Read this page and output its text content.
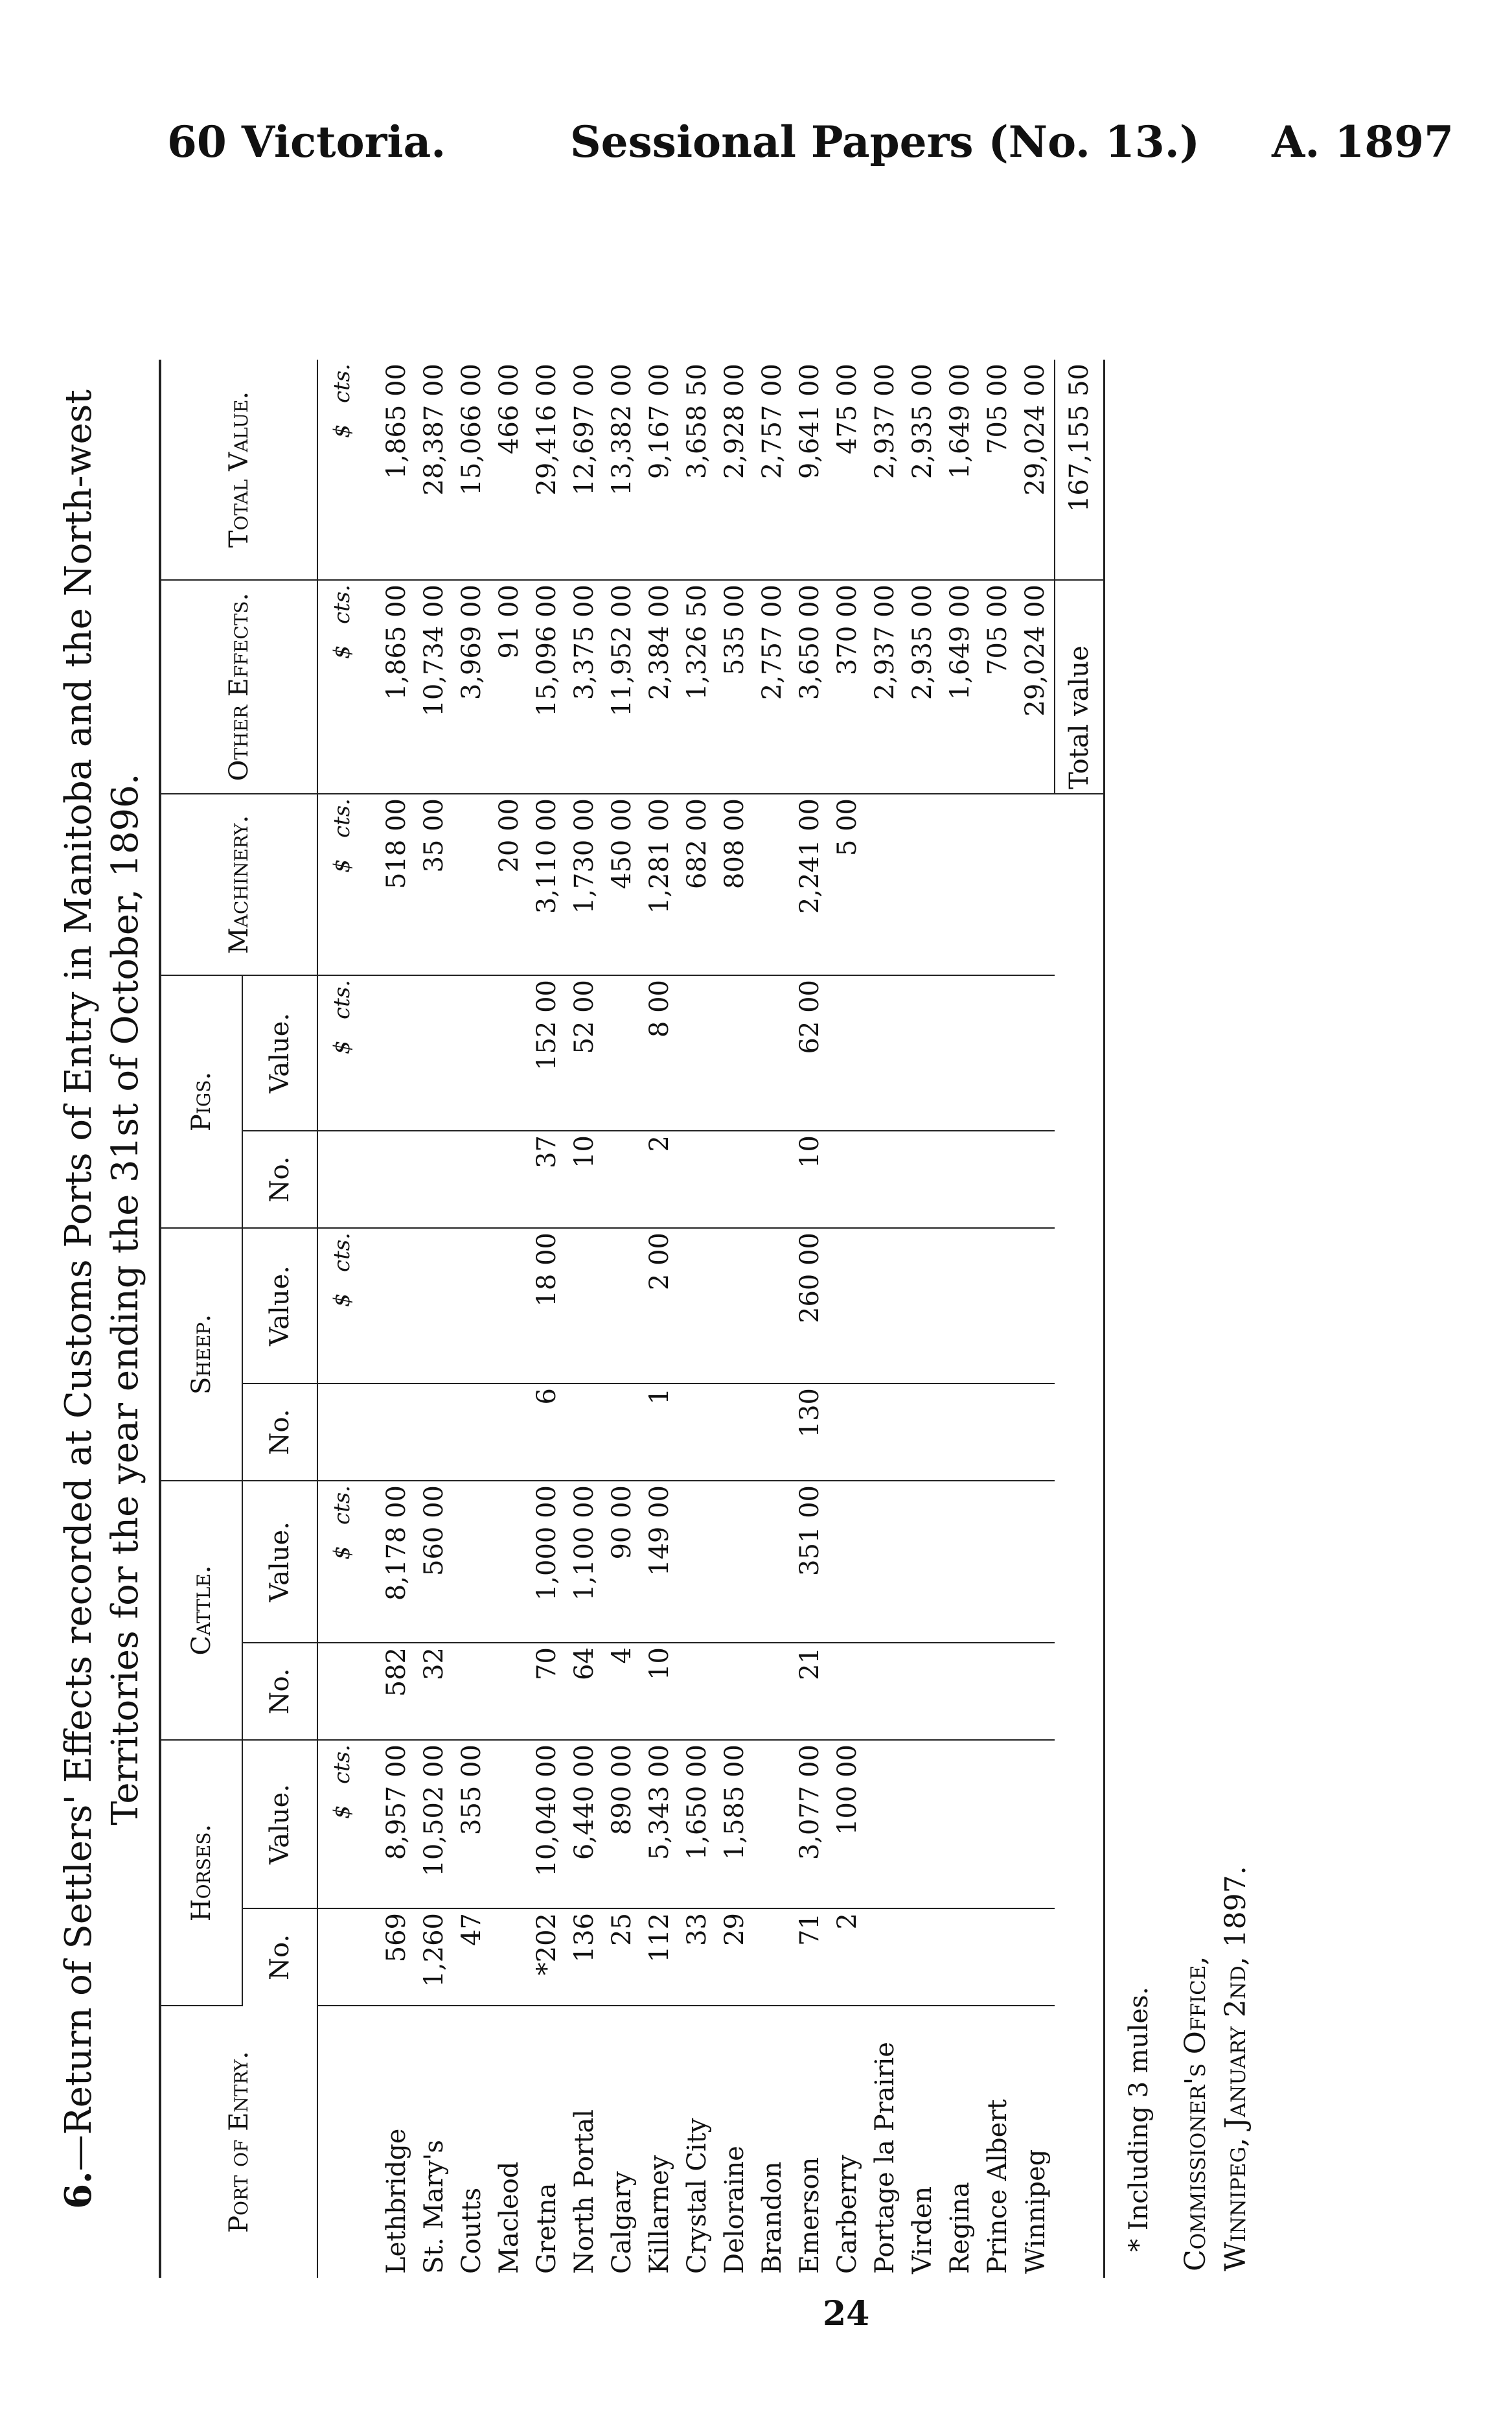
60 Victoria.	Sessional Papers (No. 13.) A. 1897
6.—Return of Settlers' Effects recorded at Customs Ports of Entry in Manitoba and the North-west Territories for the year ending the 31st of October, 1896.
Port of Entry.	Horses.		Cattle.		Sheep.		Pigs.		Machinery.	Other Effects.	Total Value.
	No.	Value.	No.	Value.	No.	Value.	No.	Value.			
		$   cts.		$   cts.		$   cts.		$   cts.	$   cts.	$   cts.	$   cts.
Lethbridge	569	8,957 00	582	8,178 00					518 00	1,865 00	1,865 00
St. Mary's	1,260	10,502 00	32	560 00					35 00	10,734 00	28,387 00
Coutts	47	355 00								3,969 00	15,066 00
Macleod									20 00	91 00	466 00
Gretna	*202	10,040 00	70	1,000 00	6	18 00	37	152 00	3,110 00	15,096 00	29,416 00
North Portal	136	6,440 00	64	1,100 00			10	52 00	1,730 00	3,375 00	12,697 00
Calgary	25	890 00	4	90 00					450 00	11,952 00	13,382 00
Killarney	112	5,343 00	10	149 00	1	2 00	2	8 00	1,281 00	2,384 00	9,167 00
Crystal City	33	1,650 00							682 00	1,326 50	3,658 50
Deloraine	29	1,585 00							808 00	535 00	2,928 00
Brandon										2,757 00	2,757 00
Emerson	71	3,077 00	21	351 00	130	260 00	10	62 00	2,241 00	3,650 00	9,641 00
Carberry	2	100 00							5 00	370 00	475 00
Portage la Prairie										2,937 00	2,937 00
Virden										2,935 00	2,935 00
Regina										1,649 00	1,649 00
Prince Albert										705 00	705 00
Winnipeg										29,024 00	29,024 00
										Total value	167,155 50
* Including 3 mules. Commissioner's Office, Winnipeg, January 2nd, 1897.
24
